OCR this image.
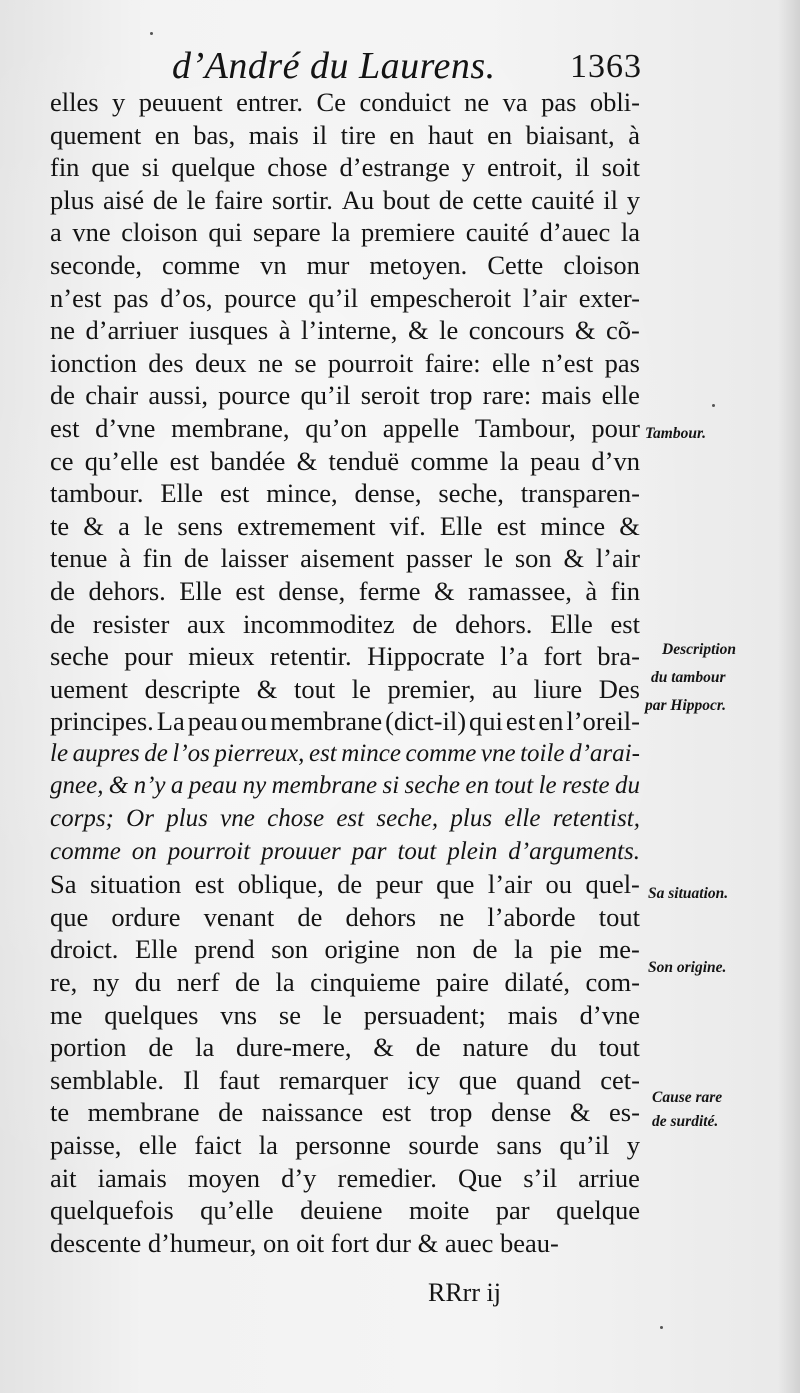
d’André du Laurens. 1363
elles y peuuent entrer. Ce conduict ne va pas obli-
quement en bas, mais il tire en haut en biaisant, à
fin que si quelque chose d’estrange y entroit, il soit
plus aisé de le faire sortir. Au bout de cette cauité il y
a vne cloison qui separe la premiere cauité d’auec la
seconde, comme vn mur metoyen. Cette cloison
n’est pas d’os, pource qu’il empescheroit l’air exter-
ne d’arriuer iusques à l’interne, & le concours & cõ-
ionction des deux ne se pourroit faire: elle n’est pas
de chair aussi, pource qu’il seroit trop rare: mais elle
est d’vne membrane, qu’on appelle Tambour, pour
ce qu’elle est bandée & tenduë comme la peau d’vn
tambour. Elle est mince, dense, seche, transparen-
te & a le sens extremement vif. Elle est mince &
tenue à fin de laisser aisement passer le son & l’air
de dehors. Elle est dense, ferme & ramassee, à fin
de resister aux incommoditez de dehors. Elle est
seche pour mieux retentir. Hippocrate l’a fort bra-
uement descripte & tout le premier, au liure Des
principes. La peau ou membrane (dict-il) qui est en l’oreil-
le aupres de l’os pierreux, est mince comme vne toile d’arai-
gnee, & n’y a peau ny membrane si seche en tout le reste du
corps; Or plus vne chose est seche, plus elle retentist,
comme on pourroit prouuer par tout plein d’arguments.
Sa situation est oblique, de peur que l’air ou quel-
que ordure venant de dehors ne l’aborde tout
droict. Elle prend son origine non de la pie me-
re, ny du nerf de la cinquieme paire dilaté, com-
me quelques vns se le persuadent; mais d’vne
portion de la dure-mere, & de nature du tout
semblable. Il faut remarquer icy que quand cet-
te membrane de naissance est trop dense & es-
paisse, elle faict la personne sourde sans qu’il y
ait iamais moyen d’y remedier. Que s’il arriue
quelquefois qu’elle deuiene moite par quelque
descente d’humeur, on oit fort dur & auec beau-
RRrr ij
Tambour.
Description
du tambour
par Hippocr.
Sa situation.
Son origine.
Cause rare
de surdité.
